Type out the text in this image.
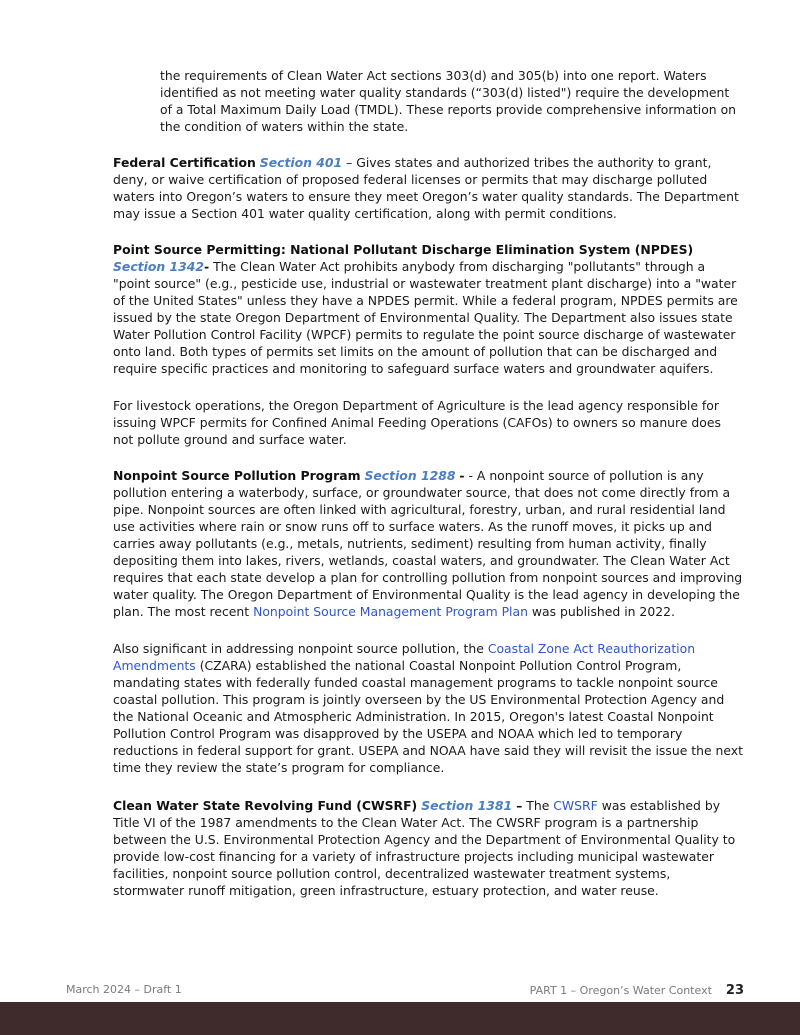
the requirements of Clean Water Act sections 303(d) and 305(b) into one report. Waters identified as not meeting water quality standards (“303(d) listed") require the development of a Total Maximum Daily Load (TMDL). These reports provide comprehensive information on the condition of waters within the state.

Federal Certification Section 401 – Gives states and authorized tribes the authority to grant, deny, or waive certification of proposed federal licenses or permits that may discharge polluted waters into Oregon’s waters to ensure they meet Oregon’s water quality standards. The Department may issue a Section 401 water quality certification, along with permit conditions.

Point Source Permitting: National Pollutant Discharge Elimination System (NPDES) Section 1342- The Clean Water Act prohibits anybody from discharging "pollutants" through a "point source" (e.g., pesticide use, industrial or wastewater treatment plant discharge) into a "water of the United States" unless they have a NPDES permit. While a federal program, NPDES permits are issued by the state Oregon Department of Environmental Quality. The Department also issues state Water Pollution Control Facility (WPCF) permits to regulate the point source discharge of wastewater onto land. Both types of permits set limits on the amount of pollution that can be discharged and require specific practices and monitoring to safeguard surface waters and groundwater aquifers.

For livestock operations, the Oregon Department of Agriculture is the lead agency responsible for issuing WPCF permits for Confined Animal Feeding Operations (CAFOs) to owners so manure does not pollute ground and surface water.

Nonpoint Source Pollution Program Section 1288 - - A nonpoint source of pollution is any pollution entering a waterbody, surface, or groundwater source, that does not come directly from a pipe. Nonpoint sources are often linked with agricultural, forestry, urban, and rural residential land use activities where rain or snow runs off to surface waters. As the runoff moves, it picks up and carries away pollutants (e.g., metals, nutrients, sediment) resulting from human activity, finally depositing them into lakes, rivers, wetlands, coastal waters, and groundwater. The Clean Water Act requires that each state develop a plan for controlling pollution from nonpoint sources and improving water quality. The Oregon Department of Environmental Quality is the lead agency in developing the plan. The most recent Nonpoint Source Management Program Plan was published in 2022.

Also significant in addressing nonpoint source pollution, the Coastal Zone Act Reauthorization Amendments (CZARA) established the national Coastal Nonpoint Pollution Control Program, mandating states with federally funded coastal management programs to tackle nonpoint source coastal pollution. This program is jointly overseen by the US Environmental Protection Agency and the National Oceanic and Atmospheric Administration. In 2015, Oregon's latest Coastal Nonpoint Pollution Control Program was disapproved by the USEPA and NOAA which led to temporary reductions in federal support for grant. USEPA and NOAA have said they will revisit the issue the next time they review the state’s program for compliance.

Clean Water State Revolving Fund (CWSRF) Section 1381 – The CWSRF was established by Title VI of the 1987 amendments to the Clean Water Act. The CWSRF program is a partnership between the U.S. Environmental Protection Agency and the Department of Environmental Quality to provide low-cost financing for a variety of infrastructure projects including municipal wastewater facilities, nonpoint source pollution control, decentralized wastewater treatment systems, stormwater runoff mitigation, green infrastructure, estuary protection, and water reuse.

March 2024 – Draft 1	PART 1 – Oregon’s Water Context 23
